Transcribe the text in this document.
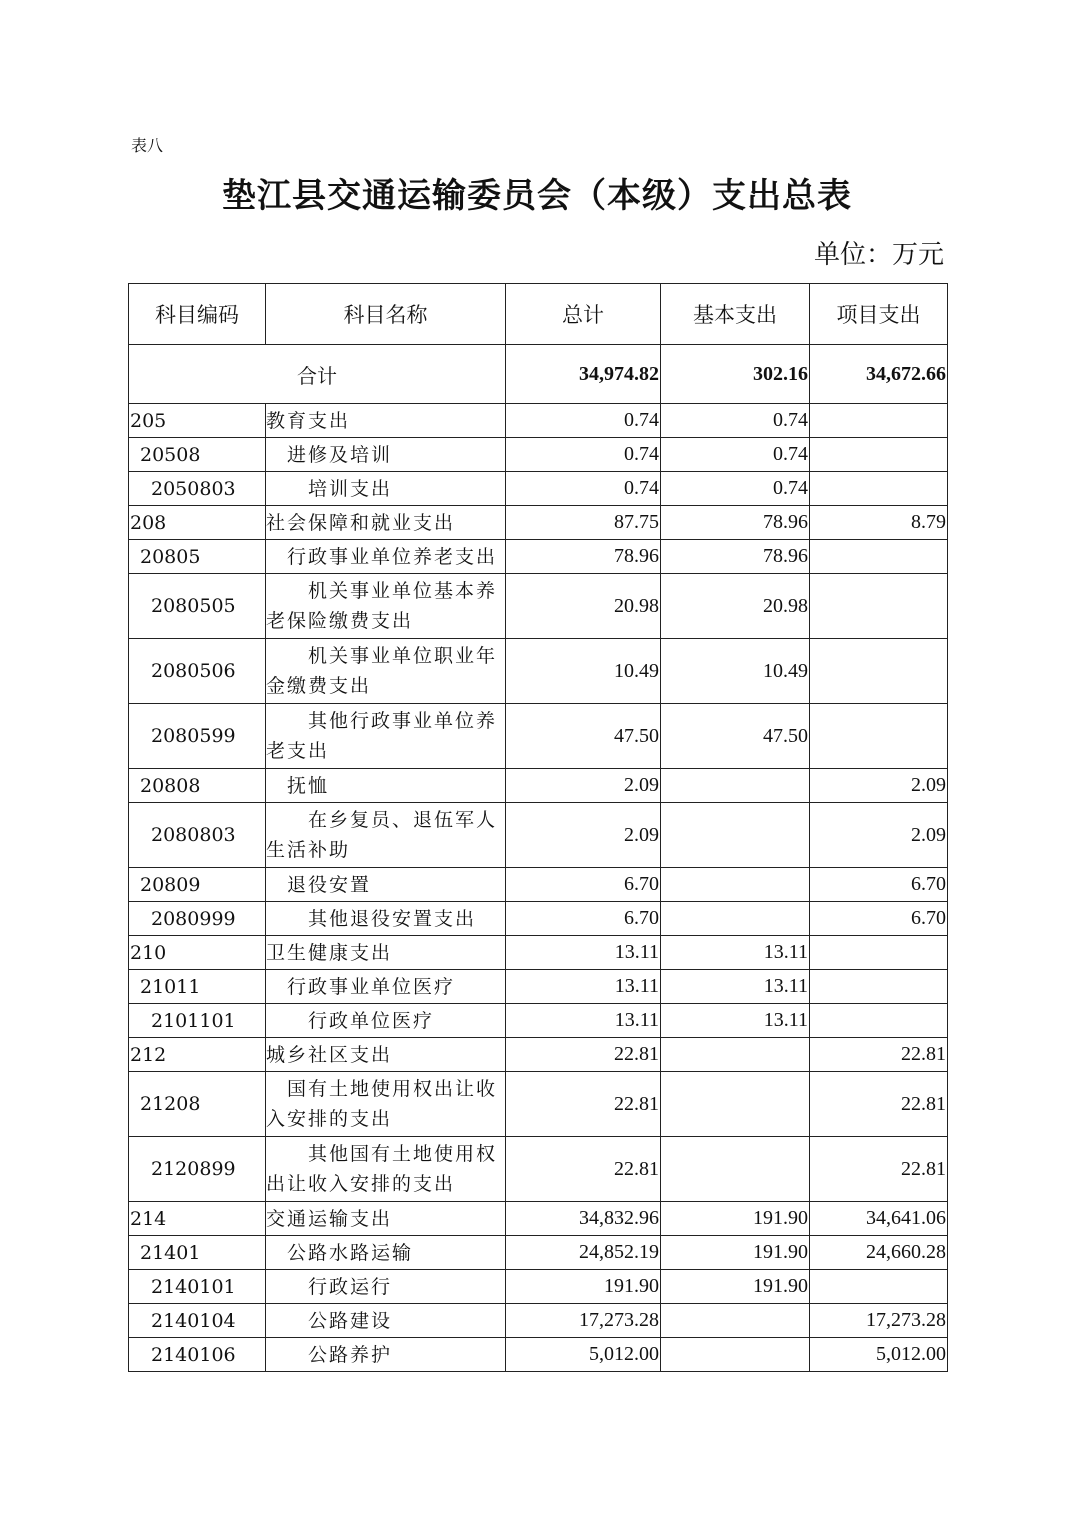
表八
垫江县交通运输委员会（本级）支出总表
单位：万元
科目编码	科目名称	总计	基本支出	项目支出
合计		34,974.82	302.16	34,672.66
205	教育支出	0.74	0.74	
20508	　进修及培训	0.74	0.74	
2050803	　　培训支出	0.74	0.74	
208	社会保障和就业支出	87.75	78.96	8.79
20805	　行政事业单位养老支出	78.96	78.96	
2080505	　　机关事业单位基本养老保险缴费支出	20.98	20.98	
2080506	　　机关事业单位职业年金缴费支出	10.49	10.49	
2080599	　　其他行政事业单位养老支出	47.50	47.50	
20808	　抚恤	2.09		2.09
2080803	　　在乡复员、退伍军人生活补助	2.09		2.09
20809	　退役安置	6.70		6.70
2080999	　　其他退役安置支出	6.70		6.70
210	卫生健康支出	13.11	13.11	
21011	　行政事业单位医疗	13.11	13.11	
2101101	　　行政单位医疗	13.11	13.11	
212	城乡社区支出	22.81		22.81
21208	　国有土地使用权出让收入安排的支出	22.81		22.81
2120899	　　其他国有土地使用权出让收入安排的支出	22.81		22.81
214	交通运输支出	34,832.96	191.90	34,641.06
21401	　公路水路运输	24,852.19	191.90	24,660.28
2140101	　　行政运行	191.90	191.90	
2140104	　　公路建设	17,273.28		17,273.28
2140106	　　公路养护	5,012.00		5,012.00
